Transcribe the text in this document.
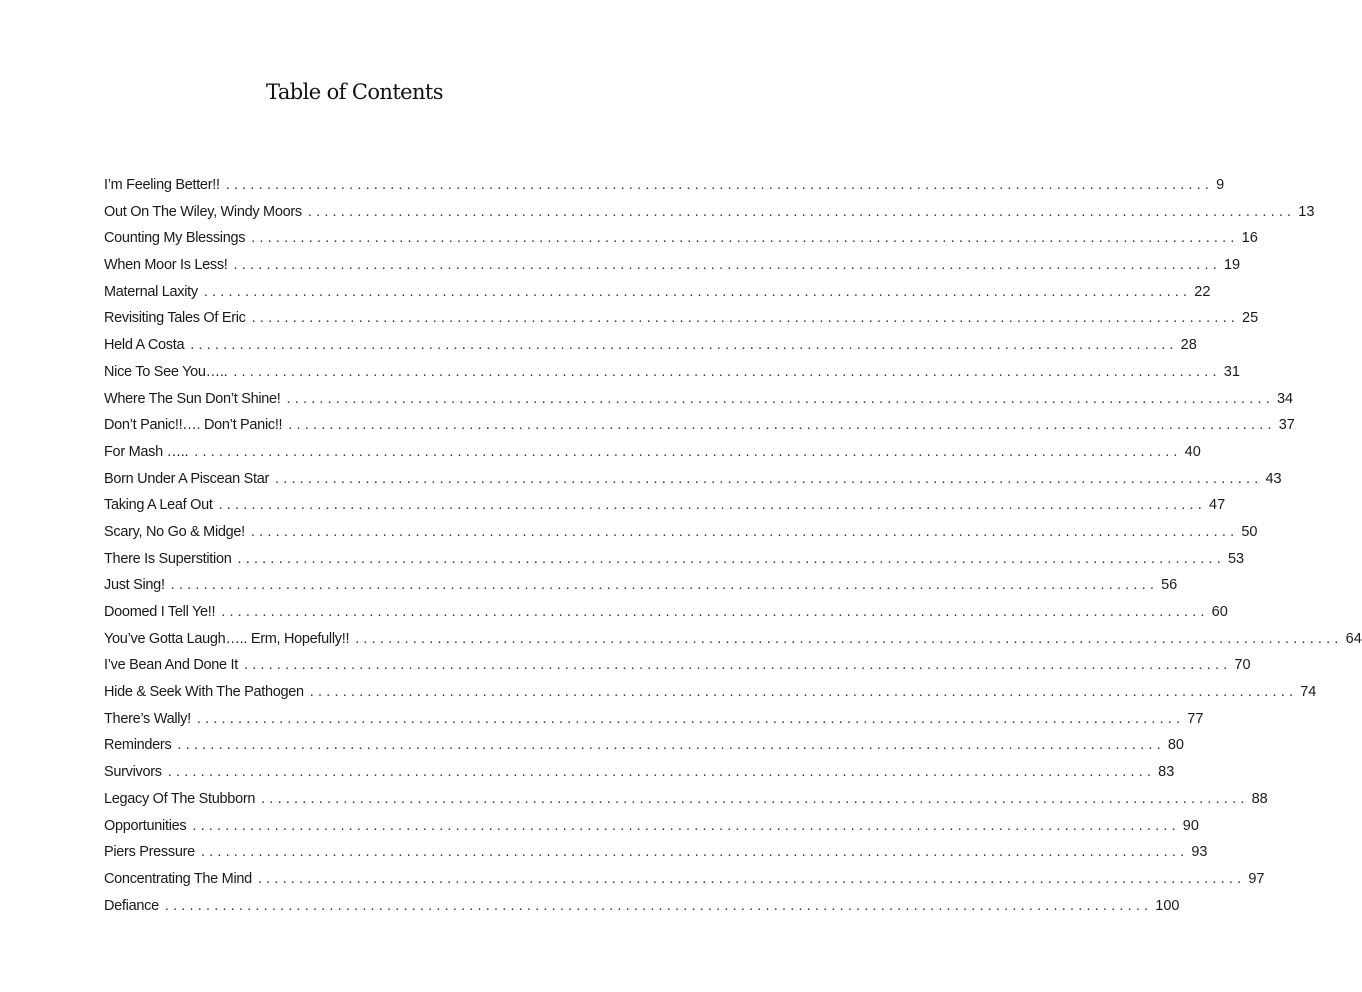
Table of Contents
I’m Feeling Better!! ........................................................................................................................ 9
Out On The Wiley, Windy Moors ........................................................................................................................ 13
Counting My Blessings ........................................................................................................................ 16
When Moor Is Less! ........................................................................................................................ 19
Maternal Laxity ........................................................................................................................ 22
Revisiting Tales Of Eric ........................................................................................................................ 25
Held A Costa ........................................................................................................................ 28
Nice To See You….. ........................................................................................................................ 31
Where The Sun Don’t Shine! ........................................................................................................................ 34
Don’t Panic!!…. Don’t Panic!! ........................................................................................................................ 37
For Mash ….. ........................................................................................................................ 40
Born Under A Piscean Star ........................................................................................................................ 43
Taking A Leaf Out ........................................................................................................................ 47
Scary, No Go & Midge! ........................................................................................................................ 50
There Is Superstition ........................................................................................................................ 53
Just Sing! ........................................................................................................................ 56
Doomed I Tell Ye!! ........................................................................................................................ 60
You’ve Gotta Laugh….. Erm, Hopefully!! ........................................................................................................................ 64
I’ve Bean And Done It ........................................................................................................................ 70
Hide & Seek With The Pathogen ........................................................................................................................ 74
There’s Wally! ........................................................................................................................ 77
Reminders ........................................................................................................................ 80
Survivors ........................................................................................................................ 83
Legacy Of The Stubborn ........................................................................................................................ 88
Opportunities ........................................................................................................................ 90
Piers Pressure ........................................................................................................................ 93
Concentrating The Mind ........................................................................................................................ 97
Defiance ........................................................................................................................ 100
